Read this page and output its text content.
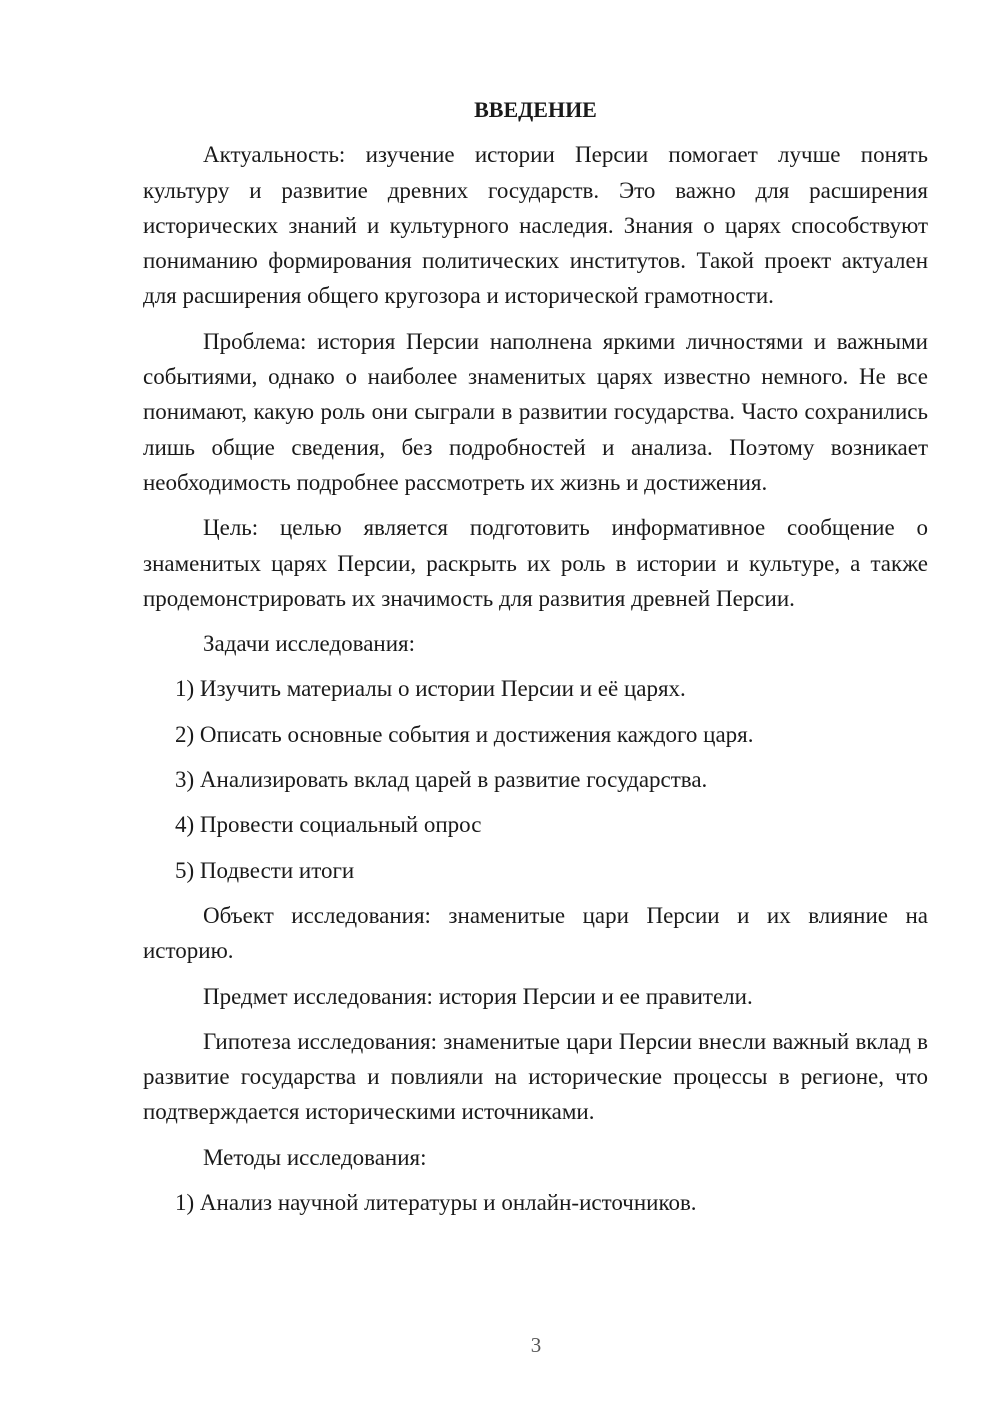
ВВЕДЕНИЕ
Актуальность: изучение истории Персии помогает лучше понять культуру и развитие древних государств. Это важно для расширения исторических знаний и культурного наследия. Знания о царях способствуют пониманию формирования политических институтов. Такой проект актуален для расширения общего кругозора и исторической грамотности.
Проблема: история Персии наполнена яркими личностями и важными событиями, однако о наиболее знаменитых царях известно немного. Не все понимают, какую роль они сыграли в развитии государства. Часто сохранились лишь общие сведения, без подробностей и анализа. Поэтому возникает необходимость подробнее рассмотреть их жизнь и достижения.
Цель: целью является подготовить информативное сообщение о знаменитых царях Персии, раскрыть их роль в истории и культуре, а также продемонстрировать их значимость для развития древней Персии.
Задачи исследования:
1) Изучить материалы о истории Персии и её царях.
2) Описать основные события и достижения каждого царя.
3) Анализировать вклад царей в развитие государства.
4) Провести социальный опрос
5) Подвести итоги
Объект исследования: знаменитые цари Персии и их влияние на историю.
Предмет исследования: история Персии и ее правители.
Гипотеза исследования: знаменитые цари Персии внесли важный вклад в развитие государства и повлияли на исторические процессы в регионе, что подтверждается историческими источниками.
Методы исследования:
1) Анализ научной литературы и онлайн-источников.
3
